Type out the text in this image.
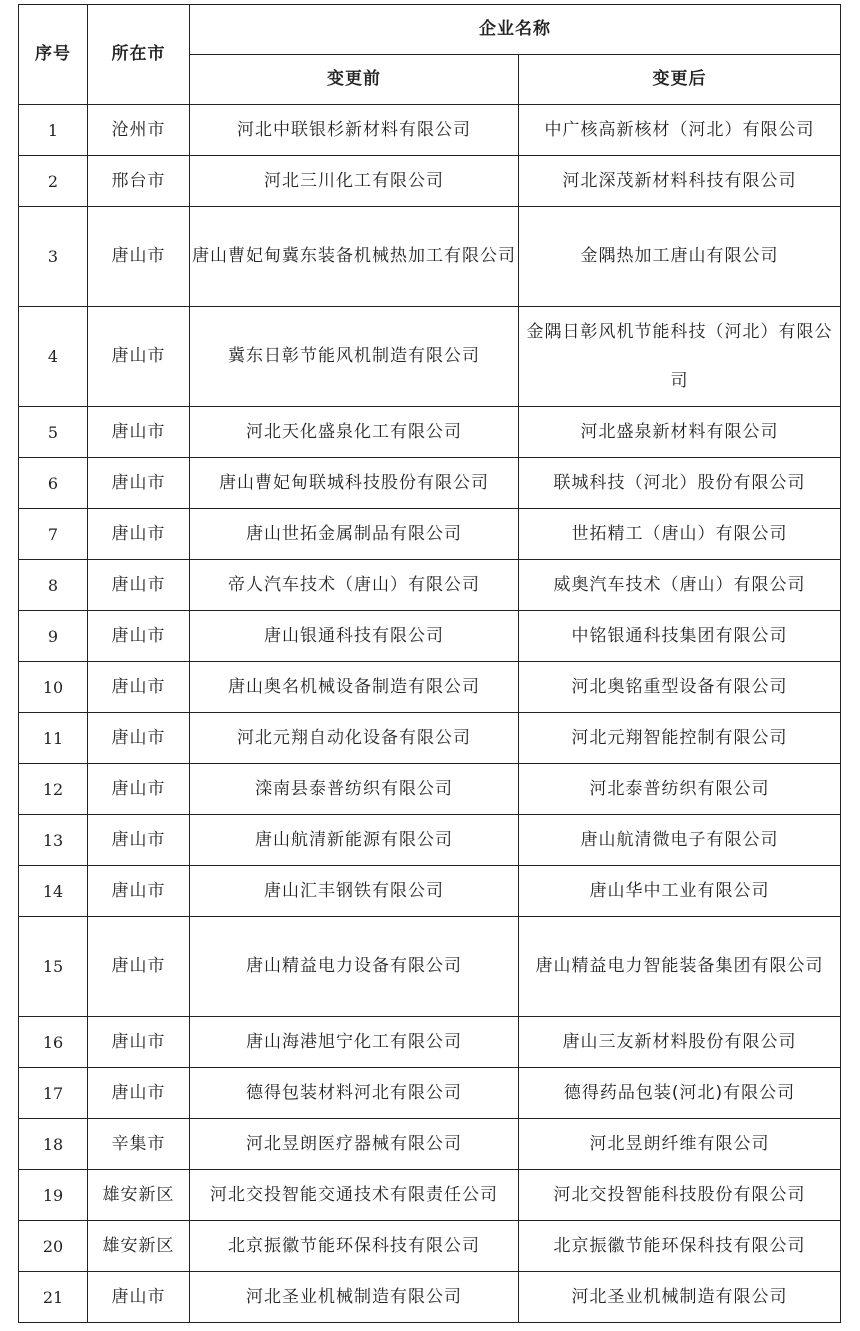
序号	所在市	企业名称	
		变更前	变更后
1	沧州市	河北中联银杉新材料有限公司	中广核高新核材（河北）有限公司
2	邢台市	河北三川化工有限公司	河北深茂新材料科技有限公司
3	唐山市	唐山曹妃甸冀东装备机械热加工有限公司	金隅热加工唐山有限公司
4	唐山市	冀东日彰节能风机制造有限公司	金隅日彰风机节能科技（河北）有限公司
5	唐山市	河北天化盛泉化工有限公司	河北盛泉新材料有限公司
6	唐山市	唐山曹妃甸联城科技股份有限公司	联城科技（河北）股份有限公司
7	唐山市	唐山世拓金属制品有限公司	世拓精工（唐山）有限公司
8	唐山市	帝人汽车技术（唐山）有限公司	威奥汽车技术（唐山）有限公司
9	唐山市	唐山银通科技有限公司	中铭银通科技集团有限公司
10	唐山市	唐山奥名机械设备制造有限公司	河北奥铭重型设备有限公司
11	唐山市	河北元翔自动化设备有限公司	河北元翔智能控制有限公司
12	唐山市	滦南县泰普纺织有限公司	河北泰普纺织有限公司
13	唐山市	唐山航清新能源有限公司	唐山航清微电子有限公司
14	唐山市	唐山汇丰钢铁有限公司	唐山华中工业有限公司
15	唐山市	唐山精益电力设备有限公司	唐山精益电力智能装备集团有限公司
16	唐山市	唐山海港旭宁化工有限公司	唐山三友新材料股份有限公司
17	唐山市	德得包装材料河北有限公司	德得药品包装(河北)有限公司
18	辛集市	河北昱朗医疗器械有限公司	河北昱朗纤维有限公司
19	雄安新区	河北交投智能交通技术有限责任公司	河北交投智能科技股份有限公司
20	雄安新区	北京振徽节能环保科技有限公司	北京振徽节能环保科技有限公司
21	唐山市	河北圣业机械制造有限公司	河北圣业机械制造有限公司
